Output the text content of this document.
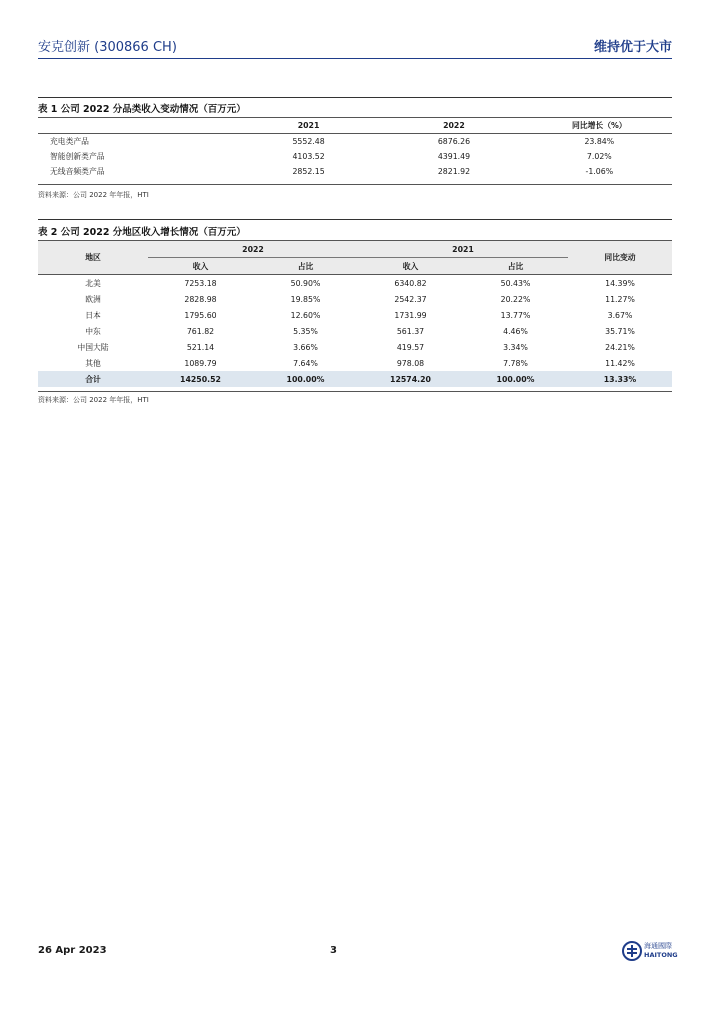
安克创新 (300866 CH)	维持优于大市
表 1 公司 2022 分品类收入变动情况（百万元）
	2021	2022	同比增长（%）
充电类产品	5552.48	6876.26	23.84%
智能创新类产品	4103.52	4391.49	7.02%
无线音频类产品	2852.15	2821.92	-1.06%
资料来源：公司 2022 年年报，HTI
表 2 公司 2022 分地区收入增长情况（百万元）
地区	2022		2021		同比变动
	收入	占比	收入	占比	
北美	7253.18	50.90%	6340.82	50.43%	14.39%
欧洲	2828.98	19.85%	2542.37	20.22%	11.27%
日本	1795.60	12.60%	1731.99	13.77%	3.67%
中东	761.82	5.35%	561.37	4.46%	35.71%
中国大陆	521.14	3.66%	419.57	3.34%	24.21%
其他	1089.79	7.64%	978.08	7.78%	11.42%
合计	14250.52	100.00%	12574.20	100.00%	13.33%
资料来源：公司 2022 年年报，HTI
26 Apr 2023	3	海通國際
HAITONG
